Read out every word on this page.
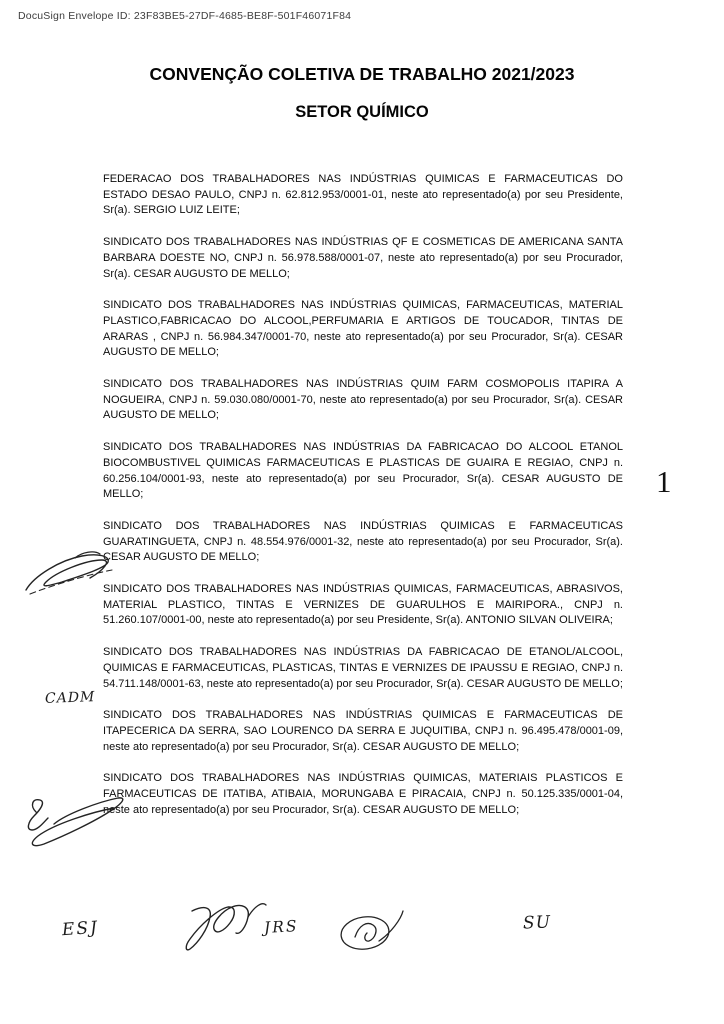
DocuSign Envelope ID: 23F83BE5-27DF-4685-BE8F-501F46071F84
CONVENÇÃO COLETIVA DE TRABALHO 2021/2023
SETOR QUÍMICO

FEDERACAO DOS TRABALHADORES NAS INDÚSTRIAS QUIMICAS E FARMACEUTICAS DO ESTADO DESAO PAULO, CNPJ n. 62.812.953/0001-01, neste ato representado(a) por seu Presidente, Sr(a). SERGIO LUIZ LEITE;

SINDICATO DOS TRABALHADORES NAS INDÚSTRIAS QF E COSMETICAS DE AMERICANA SANTA BARBARA DOESTE NO, CNPJ n. 56.978.588/0001-07, neste ato representado(a) por seu Procurador, Sr(a). CESAR AUGUSTO DE MELLO;

SINDICATO DOS TRABALHADORES NAS INDÚSTRIAS QUIMICAS, FARMACEUTICAS, MATERIAL PLASTICO,FABRICACAO DO ALCOOL,PERFUMARIA E ARTIGOS DE TOUCADOR, TINTAS DE ARARAS , CNPJ n. 56.984.347/0001-70, neste ato representado(a) por seu Procurador, Sr(a). CESAR AUGUSTO DE MELLO;

SINDICATO DOS TRABALHADORES NAS INDÚSTRIAS QUIM FARM COSMOPOLIS ITAPIRA A NOGUEIRA, CNPJ n. 59.030.080/0001-70, neste ato representado(a) por seu Procurador, Sr(a). CESAR AUGUSTO DE MELLO;

SINDICATO DOS TRABALHADORES NAS INDÚSTRIAS DA FABRICACAO DO ALCOOL ETANOL BIOCOMBUSTIVEL QUIMICAS FARMACEUTICAS E PLASTICAS DE GUAIRA E REGIAO, CNPJ n. 60.256.104/0001-93, neste ato representado(a) por seu Procurador, Sr(a). CESAR AUGUSTO DE MELLO;

SINDICATO DOS TRABALHADORES NAS INDÚSTRIAS QUIMICAS E FARMACEUTICAS GUARATINGUETA, CNPJ n. 48.554.976/0001-32, neste ato representado(a) por seu Procurador, Sr(a). CESAR AUGUSTO DE MELLO;

SINDICATO DOS TRABALHADORES NAS INDÚSTRIAS QUIMICAS, FARMACEUTICAS, ABRASIVOS, MATERIAL PLASTICO, TINTAS E VERNIZES DE GUARULHOS E MAIRIPORA., CNPJ n. 51.260.107/0001-00, neste ato representado(a) por seu Presidente, Sr(a). ANTONIO SILVAN OLIVEIRA;

SINDICATO DOS TRABALHADORES NAS INDÚSTRIAS DA FABRICACAO DE ETANOL/ALCOOL, QUIMICAS E FARMACEUTICAS, PLASTICAS, TINTAS E VERNIZES DE IPAUSSU E REGIAO, CNPJ n. 54.711.148/0001-63, neste ato representado(a) por seu Procurador, Sr(a). CESAR AUGUSTO DE MELLO;

SINDICATO DOS TRABALHADORES NAS INDÚSTRIAS QUIMICAS E FARMACEUTICAS DE ITAPECERICA DA SERRA, SAO LOURENCO DA SERRA E JUQUITIBA, CNPJ n. 96.495.478/0001-09, neste ato representado(a) por seu Procurador, Sr(a). CESAR AUGUSTO DE MELLO;

SINDICATO DOS TRABALHADORES NAS INDÚSTRIAS QUIMICAS, MATERIAIS PLASTICOS E FARMACEUTICAS DE ITATIBA, ATIBAIA, MORUNGABA E PIRACAIA, CNPJ n. 50.125.335/0001-04, neste ato representado(a) por seu Procurador, Sr(a). CESAR AUGUSTO DE MELLO;

1
CADM
ESJ	JRS	SU
